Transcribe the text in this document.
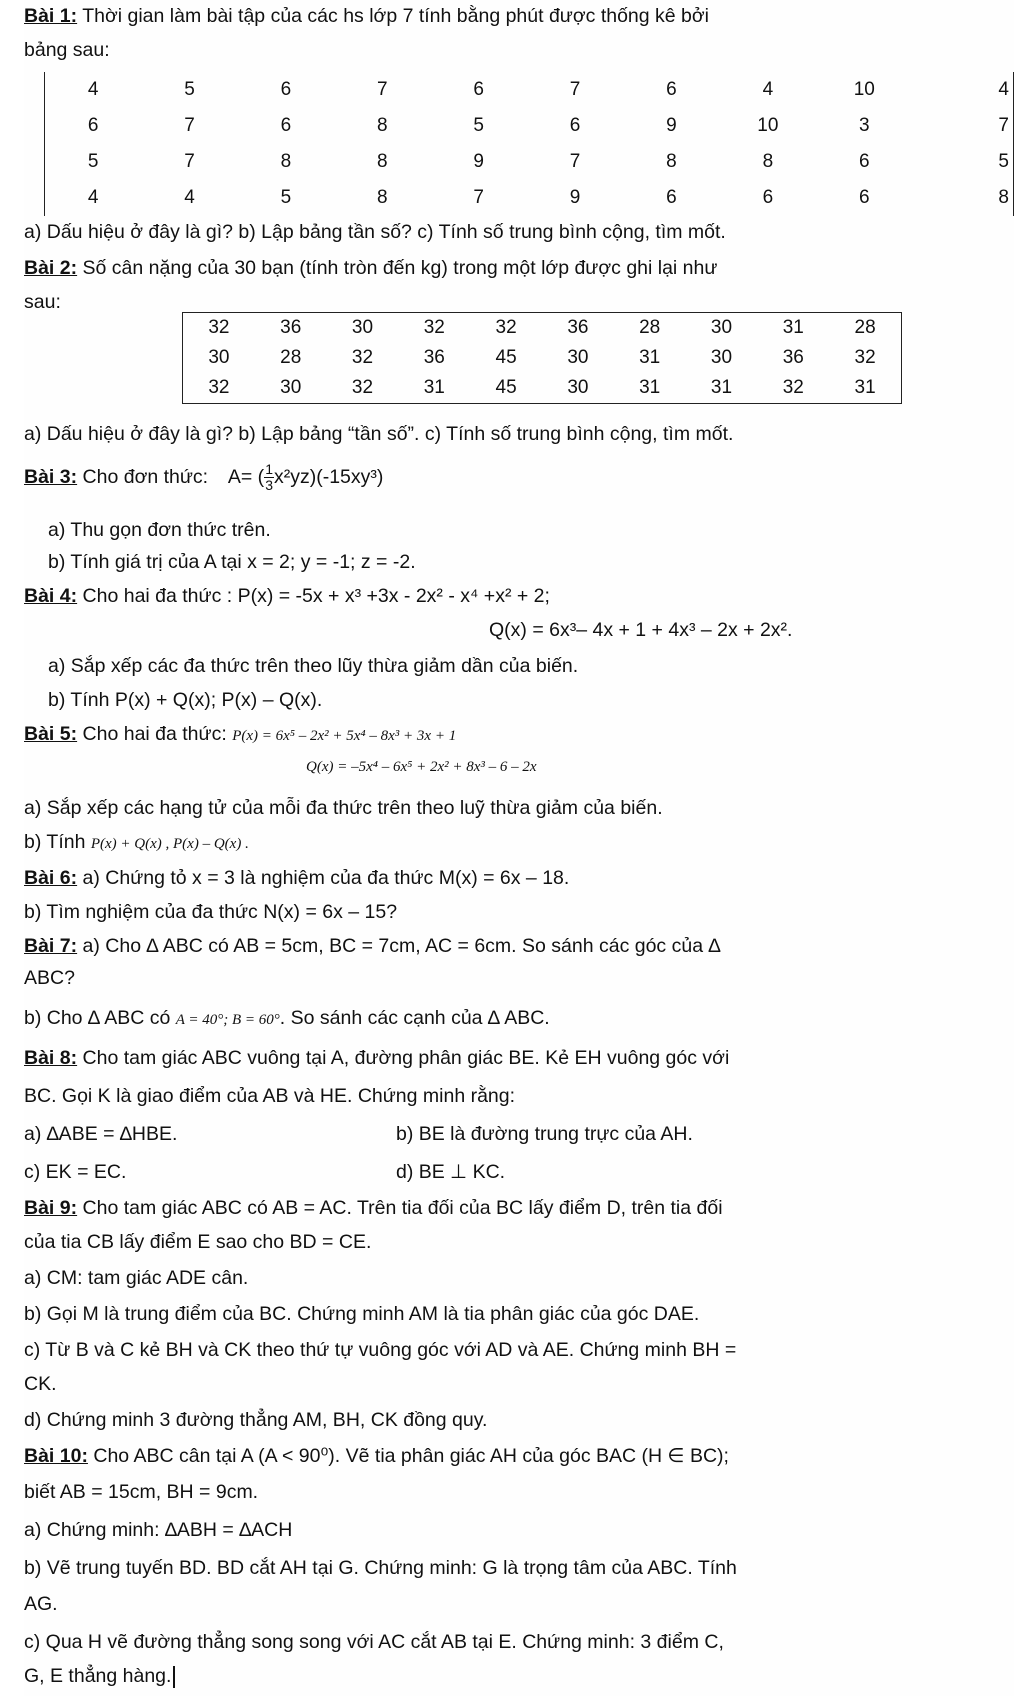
Bài 1: Thời gian làm bài tập của các hs lớp 7 tính bằng phút được thống kê bởi
bảng sau:
4	5	6	7	6	7	6	4	10	4
6	7	6	8	5	6	9	10	3	7
5	7	8	8	9	7	8	8	6	5
4	4	5	8	7	9	6	6	6	8
a) Dấu hiệu ở đây là gì? b) Lập bảng tần số? c) Tính số trung bình cộng, tìm mốt.
Bài 2: Số cân nặng của 30 bạn (tính tròn đến kg) trong một lớp được ghi lại như
sau:
32	36	30	32	32	36	28	30	31	28
30	28	32	36	45	30	31	30	36	32
32	30	32	31	45	30	31	31	32	31
a) Dấu hiệu ở đây là gì? b) Lập bảng “tần số”. c) Tính số trung bình cộng, tìm mốt.
Bài 3: Cho đơn thức: A= ( $\frac{1}{3} x^2yz)(-15xy^3)$
a) Thu gọn đơn thức trên.
b) Tính giá trị của A tại x = 2; y = -1; z = -2.
Bài 4: Cho hai đa thức : P(x) = -5x + x³ +3x - 2x² - x⁴ +x² + 2;
Q(x) = 6x³– 4x + 1 + 4x³ – 2x + 2x².
a) Sắp xếp các đa thức trên theo lũy thừa giảm dần của biến.
b) Tính P(x) + Q(x); P(x) – Q(x).
Bài 5: Cho hai đa thức: P(x) = 6x⁵ – 2x² + 5x⁴ – 8x³ + 3x + 1
Q(x) = –5x⁴ – 6x⁵ + 2x² + 8x³ – 6 – 2x
a) Sắp xếp các hạng tử của mỗi đa thức trên theo luỹ thừa giảm của biến.
b) Tính P(x) + Q(x) , P(x) – Q(x) .
Bài 6: a) Chứng tỏ x = 3 là nghiệm của đa thức M(x) = 6x – 18.
b) Tìm nghiệm của đa thức N(x) = 6x – 15?
Bài 7: a) Cho ∆ ABC có AB = 5cm, BC = 7cm, AC = 6cm. So sánh các góc của ∆
ABC?
b) Cho ∆ ABC có A = 40°; B = 60°. So sánh các cạnh của ∆ ABC.
Bài 8: Cho tam giác ABC vuông tại A, đường phân giác BE. Kẻ EH vuông góc với
BC. Gọi K là giao điểm của AB và HE. Chứng minh rằng:
a) ∆ABE = ∆HBE.	b) BE là đường trung trực của AH.
c) EK = EC.	d) BE ⊥ KC.
Bài 9: Cho tam giác ABC có AB = AC. Trên tia đối của BC lấy điểm D, trên tia đối
của tia CB lấy điểm E sao cho BD = CE.
a) CM: tam giác ADE cân.
b) Gọi M là trung điểm của BC. Chứng minh AM là tia phân giác của góc DAE.
c) Từ B và C kẻ BH và CK theo thứ tự vuông góc với AD và AE. Chứng minh BH =
CK.
d) Chứng minh 3 đường thẳng AM, BH, CK đồng quy.
Bài 10: Cho ABC cân tại A (A < 90⁰). Vẽ tia phân giác AH của góc BAC (H ∈ BC);
biết AB = 15cm, BH = 9cm.
a) Chứng minh: ∆ABH = ∆ACH
b) Vẽ trung tuyến BD. BD cắt AH tại G. Chứng minh: G là trọng tâm của ABC. Tính
AG.
c) Qua H vẽ đường thẳng song song với AC cắt AB tại E. Chứng minh: 3 điểm C,
G, E thẳng hàng.
